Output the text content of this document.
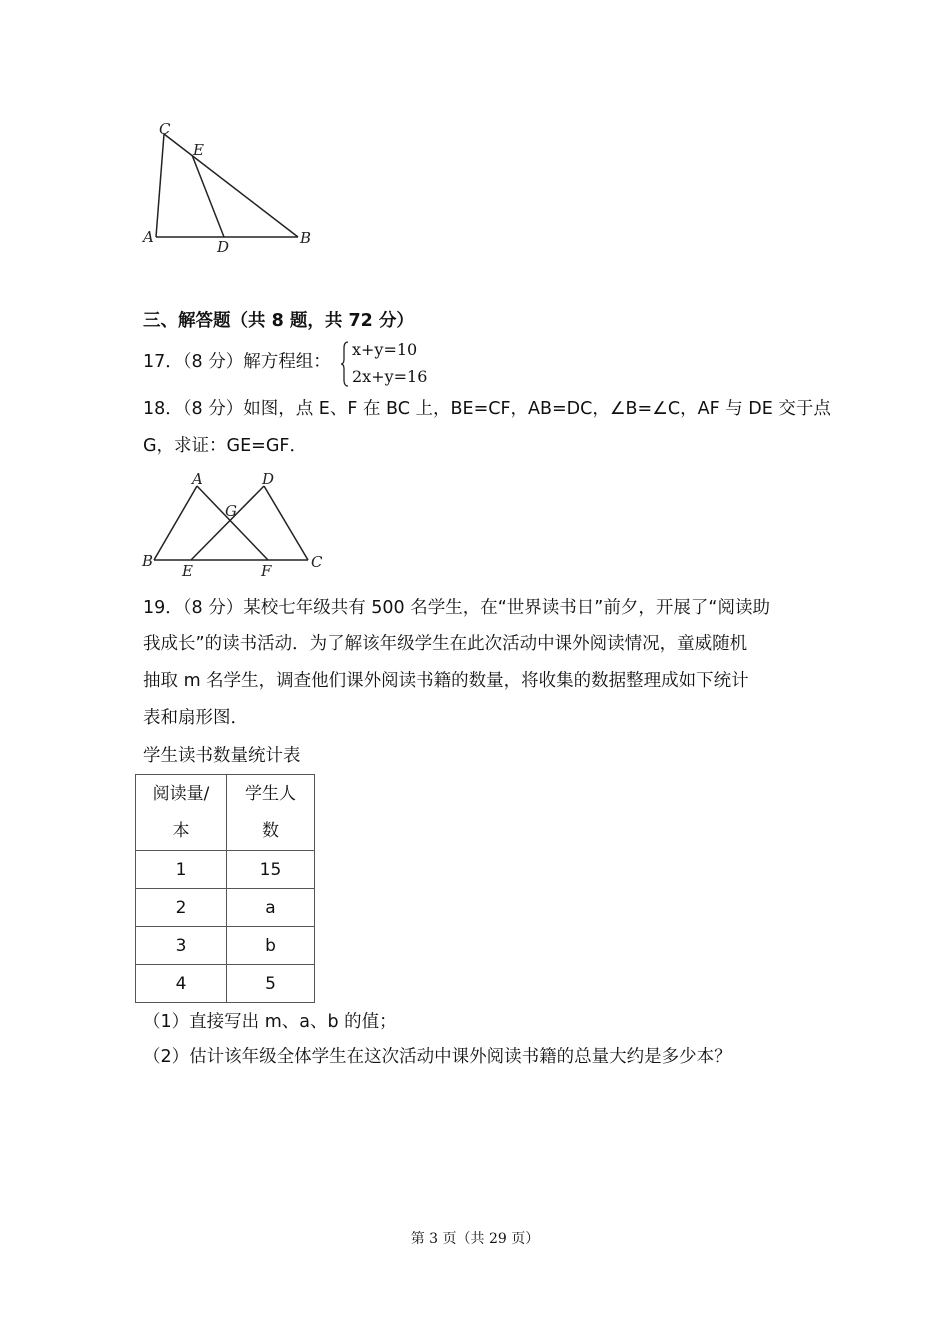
C
E
A
D	B
三、解答题（共 8 题，共 72 分）
17．（8 分）解方程组：
x+y=10
2x+y=16
18．（8 分）如图，点 E、F 在 BC 上，BE=CF，AB=DC，∠B=∠C，AF 与 DE 交于点
G，求证：GE=GF．
A	D
G
B
E	F	C
19．（8 分）某校七年级共有 500 名学生，在“世界读书日”前夕，开展了“阅读助
我成长”的读书活动．为了解该年级学生在此次活动中课外阅读情况，童威随机
抽取 m 名学生，调查他们课外阅读书籍的数量，将收集的数据整理成如下统计
表和扇形图．
学生读书数量统计表
阅读量/本	学生人数

1	15
2	a
3	b
4	5
（1）直接写出 m、a、b 的值；
（2）估计该年级全体学生在这次活动中课外阅读书籍的总量大约是多少本？
第 3 页（共 29 页）
